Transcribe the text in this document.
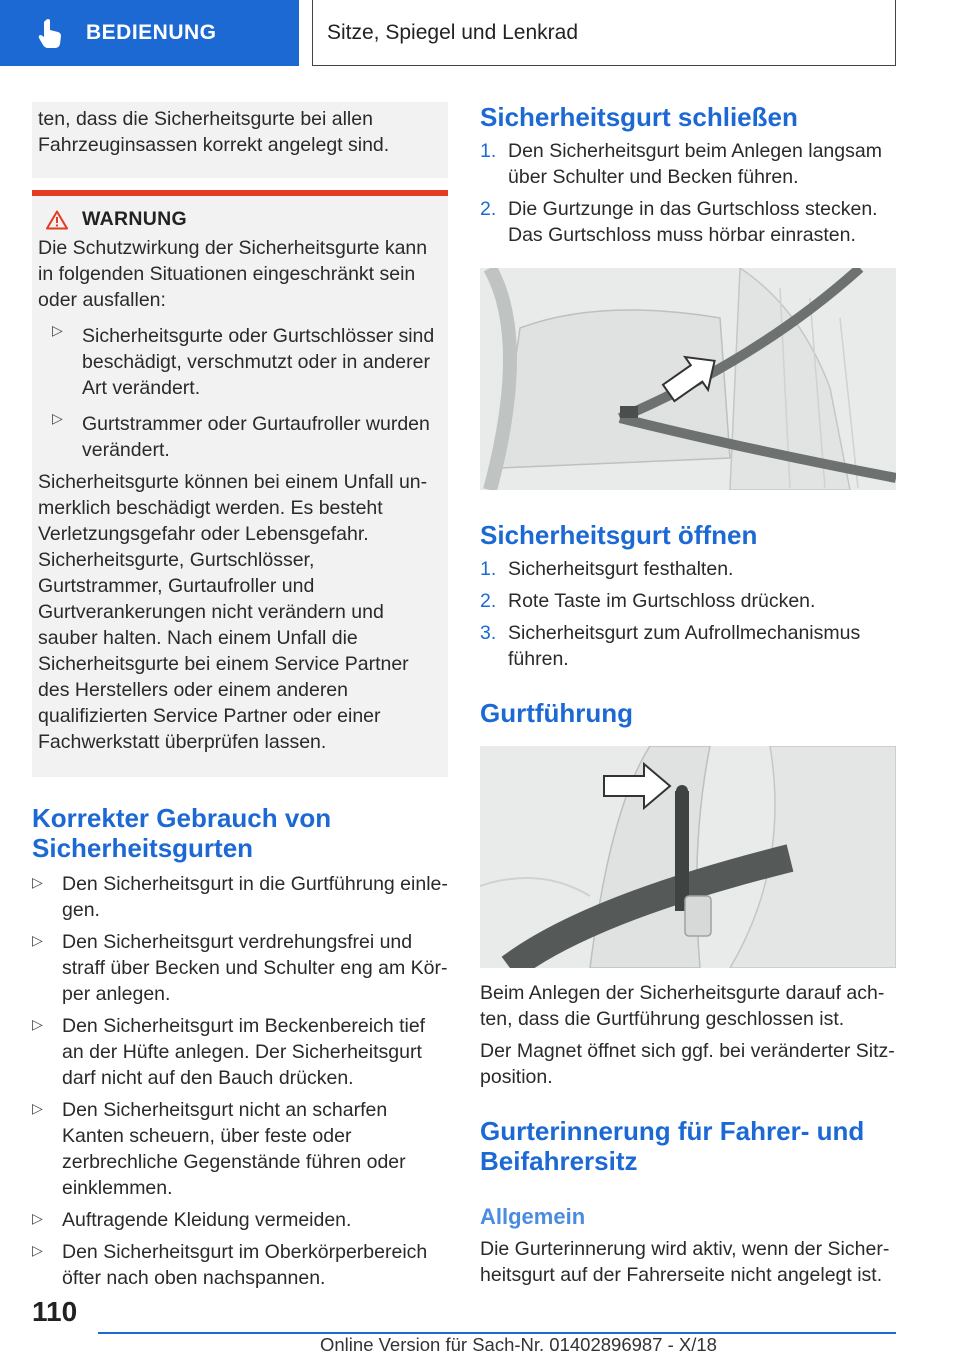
BEDIENUNG	Sitze, Spiegel und Lenkrad

ten, dass die Sicherheitsgurte bei allen Fahrzeuginsassen korrekt angelegt sind.

WARNUNG

Die Schutzwirkung der Sicherheitsgurte kann in folgenden Situationen eingeschränkt sein oder ausfallen:

▷ Sicherheitsgurte oder Gurtschlösser sind beschädigt, verschmutzt oder in anderer Art verändert.
▷ Gurtstrammer oder Gurtaufroller wurden verändert.

Sicherheitsgurte können bei einem Unfall unmerklich beschädigt werden. Es besteht Verletzungsgefahr oder Lebensgefahr. Sicherheitsgurte, Gurtschlösser, Gurtstrammer, Gurtaufroller und Gurtverankerungen nicht verändern und sauber halten. Nach einem Unfall die Sicherheitsgurte bei einem Service Partner des Herstellers oder einem anderen qualifizierten Service Partner oder einer Fachwerkstatt überprüfen lassen.

Korrekter Gebrauch von Sicherheitsgurten
▷ Den Sicherheitsgurt in die Gurtführung einlegen.
▷ Den Sicherheitsgurt verdrehungsfrei und straff über Becken und Schulter eng am Körper anlegen.
▷ Den Sicherheitsgurt im Beckenbereich tief an der Hüfte anlegen. Der Sicherheitsgurt darf nicht auf den Bauch drücken.
▷ Den Sicherheitsgurt nicht an scharfen Kanten scheuern, über feste oder zerbrechliche Gegenstände führen oder einklemmen.
▷ Auftragende Kleidung vermeiden.
▷ Den Sicherheitsgurt im Oberkörperbereich öfter nach oben nachspannen.
Sicherheitsgurt schließen
1. Den Sicherheitsgurt beim Anlegen langsam über Schulter und Becken führen.
2. Die Gurtzunge in das Gurtschloss stecken. Das Gurtschloss muss hörbar einrasten.
Sicherheitsgurt öffnen
1. Sicherheitsgurt festhalten.
2. Rote Taste im Gurtschloss drücken.
3. Sicherheitsgurt zum Aufrollmechanismus führen.
Gurtführung

Beim Anlegen der Sicherheitsgurte darauf achten, dass die Gurtführung geschlossen ist.

Der Magnet öffnet sich ggf. bei veränderter Sitzposition.

Gurterinnerung für Fahrer- und Beifahrersitz
Allgemein

Die Gurterinnerung wird aktiv, wenn der Sicherheitsgurt auf der Fahrerseite nicht angelegt ist.

110
Online Version für Sach-Nr. 01402896987 - X/18
